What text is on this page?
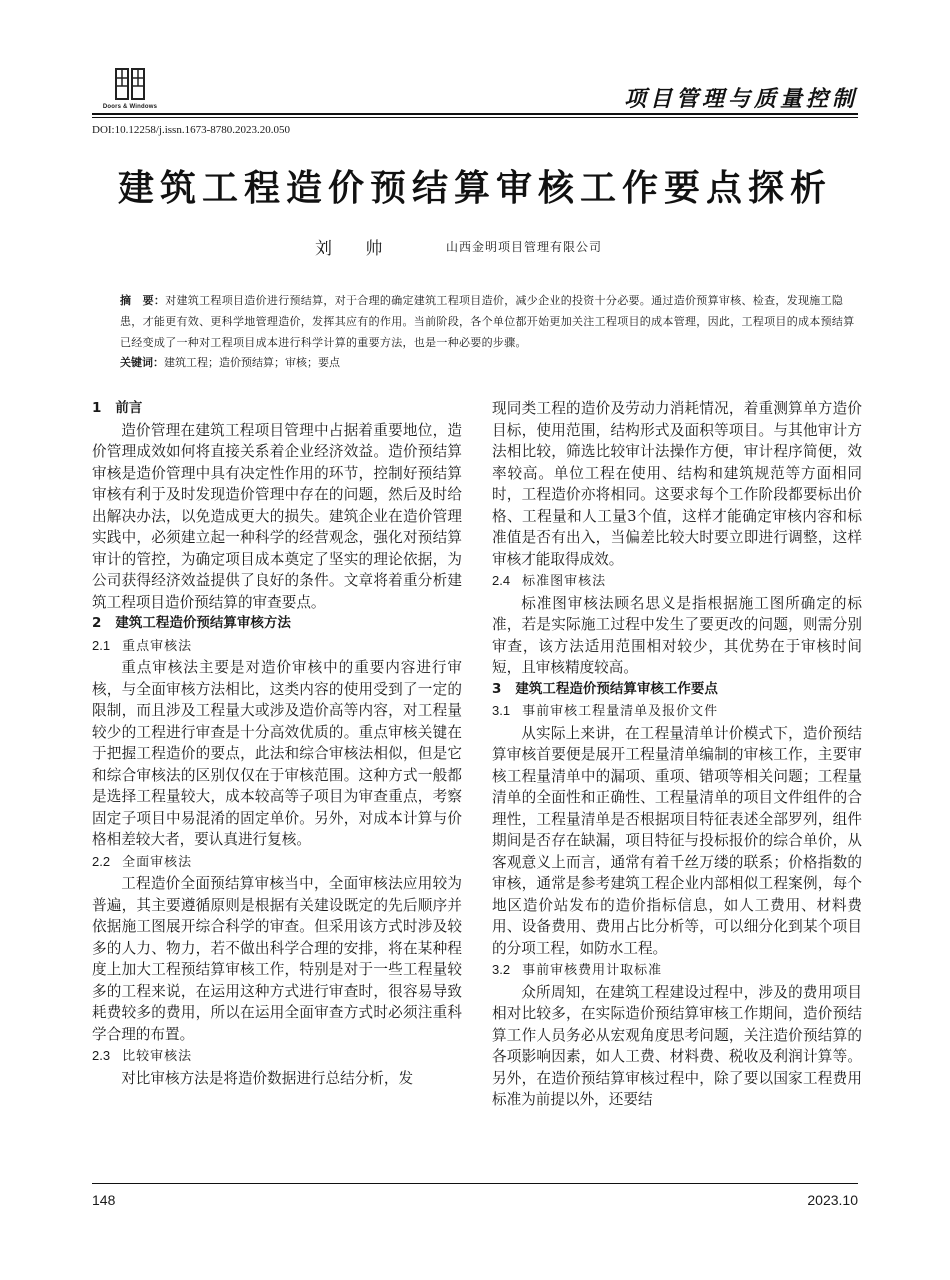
Doors & Windows	项目管理与质量控制
DOI:10.12258/j.issn.1673-8780.2023.20.050
建筑工程造价预结算审核工作要点探析
刘 帅	山西金明项目管理有限公司
摘　要：对建筑工程项目造价进行预结算，对于合理的确定建筑工程项目造价，减少企业的投资十分必要。通过造价预算审核、检查，发现施工隐患，才能更有效、更科学地管理造价，发挥其应有的作用。当前阶段，各个单位都开始更加关注工程项目的成本管理，因此，工程项目的成本预结算已经变成了一种对工程项目成本进行科学计算的重要方法，也是一种必要的步骤。
关键词：建筑工程；造价预结算；审核；要点
1 前言

造价管理在建筑工程项目管理中占据着重要地位，造价管理成效如何将直接关系着企业经济效益。造价预结算审核是造价管理中具有决定性作用的环节，控制好预结算审核有利于及时发现造价管理中存在的问题，然后及时给出解决办法，以免造成更大的损失。建筑企业在造价管理实践中，必须建立起一种科学的经营观念，强化对预结算审计的管控，为确定项目成本奠定了坚实的理论依据，为公司获得经济效益提供了良好的条件。文章将着重分析建筑工程项目造价预结算的审查要点。

2 建筑工程造价预结算审核方法
2.1 重点审核法

重点审核法主要是对造价审核中的重要内容进行审核，与全面审核方法相比，这类内容的使用受到了一定的限制，而且涉及工程量大或涉及造价高等内容，对工程量较少的工程进行审查是十分高效优质的。重点审核关键在于把握工程造价的要点，此法和综合审核法相似，但是它和综合审核法的区别仅仅在于审核范围。这种方式一般都是选择工程量较大，成本较高等子项目为审查重点，考察固定子项目中易混淆的固定单价。另外，对成本计算与价格相差较大者，要认真进行复核。

2.2 全面审核法

工程造价全面预结算审核当中，全面审核法应用较为普遍，其主要遵循原则是根据有关建设既定的先后顺序并依据施工图展开综合科学的审查。但采用该方式时涉及较多的人力、物力，若不做出科学合理的安排，将在某种程度上加大工程预结算审核工作，特别是对于一些工程量较多的工程来说，在运用这种方式进行审查时，很容易导致耗费较多的费用，所以在运用全面审查方式时必须注重科学合理的布置。

2.3 比较审核法

对比审核方法是将造价数据进行总结分析，发

现同类工程的造价及劳动力消耗情况，着重测算单方造价目标，使用范围，结构形式及面积等项目。与其他审计方法相比较，筛选比较审计法操作方便，审计程序简便，效率较高。单位工程在使用、结构和建筑规范等方面相同时，工程造价亦将相同。这要求每个工作阶段都要标出价格、工程量和人工量3个值，这样才能确定审核内容和标准值是否有出入，当偏差比较大时要立即进行调整，这样审核才能取得成效。

2.4 标准图审核法

标准图审核法顾名思义是指根据施工图所确定的标准，若是实际施工过程中发生了要更改的问题，则需分别审查，该方法适用范围相对较少，其优势在于审核时间短，且审核精度较高。

3 建筑工程造价预结算审核工作要点
3.1 事前审核工程量清单及报价文件

从实际上来讲，在工程量清单计价模式下，造价预结算审核首要便是展开工程量清单编制的审核工作，主要审核工程量清单中的漏项、重项、错项等相关问题；工程量清单的全面性和正确性、工程量清单的项目文件组件的合理性，工程量清单是否根据项目特征表述全部罗列，组件期间是否存在缺漏，项目特征与投标报价的综合单价，从客观意义上而言，通常有着千丝万缕的联系；价格指数的审核，通常是参考建筑工程企业内部相似工程案例，每个地区造价站发布的造价指标信息，如人工费用、材料费用、设备费用、费用占比分析等，可以细分化到某个项目的分项工程，如防水工程。

3.2 事前审核费用计取标准

众所周知，在建筑工程建设过程中，涉及的费用项目相对比较多，在实际造价预结算审核工作期间，造价预结算工作人员务必从宏观角度思考问题，关注造价预结算的各项影响因素，如人工费、材料费、税收及利润计算等。另外，在造价预结算审核过程中，除了要以国家工程费用标准为前提以外，还要结

148	2023.10
